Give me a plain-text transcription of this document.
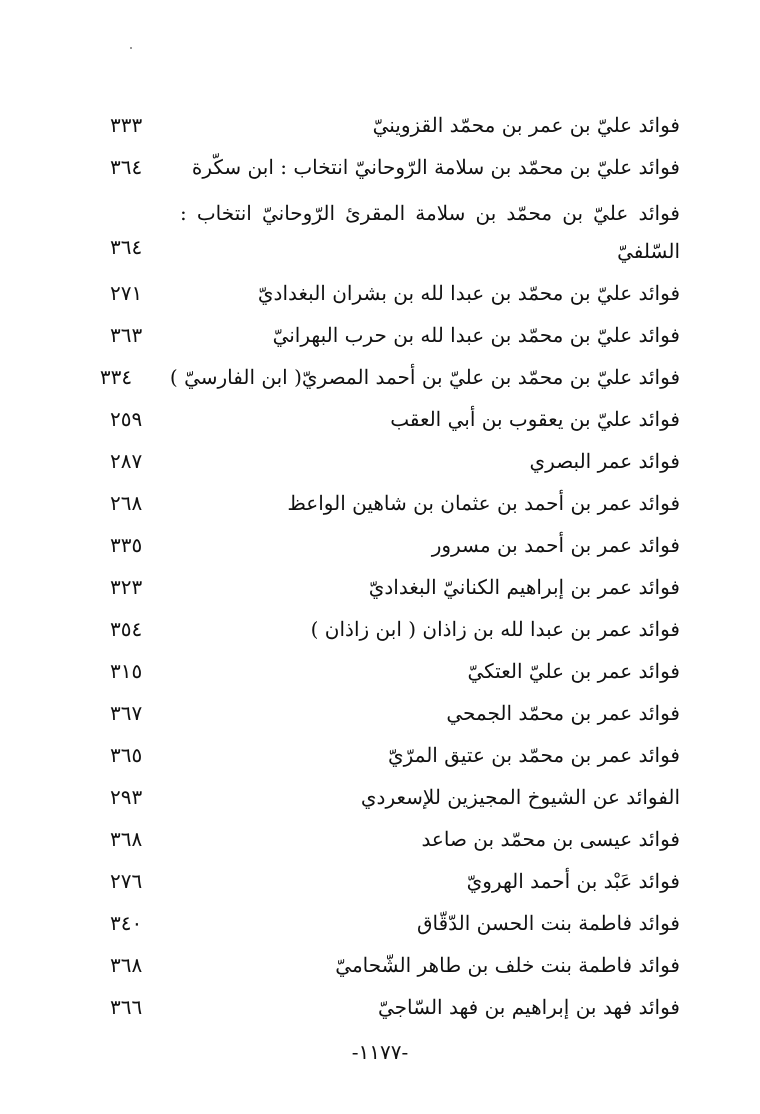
فوائد عليّ بن عمر بن محمّد القزوينيّ
٣٣٣
فوائد عليّ بن محمّد بن سلامة الرّوحانيّ انتخاب : ابن سكّرة
٣٦٤
فوائد عليّ بن محمّد بن سلامة المقرئ الرّوحانيّ انتخاب : السّلفيّ
٣٦٤
فوائد عليّ بن محمّد بن عبدا لله بن بشران البغداديّ
٢٧١
فوائد عليّ بن محمّد بن عبدا لله بن حرب البهرانيّ
٣٦٣
فوائد عليّ بن محمّد بن عليّ بن أحمد المصريّ( ابن الفارسيّ )
٣٣٤
فوائد عليّ بن يعقوب بن أبي العقب
٢٥٩
فوائد عمر البصري
٢٨٧
فوائد عمر بن أحمد بن عثمان بن شاهين الواعظ
٢٦٨
فوائد عمر بن أحمد بن مسرور
٣٣٥
فوائد عمر بن إبراهيم الكنانيّ البغداديّ
٣٢٣
فوائد عمر بن عبدا لله بن زاذان ( ابن زاذان )
٣٥٤
فوائد عمر بن عليّ العتكيّ
٣١٥
فوائد عمر بن محمّد الجمحي
٣٦٧
فوائد عمر بن محمّد بن عتيق المرّيّ
٣٦٥
الفوائد عن الشيوخ المجيزين للإسعردي
٢٩٣
فوائد عيسى بن محمّد بن صاعد
٣٦٨
فوائد عَبْد بن أحمد الهرويّ
٢٧٦
فوائد فاطمة بنت الحسن الدّقّاق
٣٤٠
فوائد فاطمة بنت خلف بن طاهر الشّحاميّ
٣٦٨
فوائد فهد بن إبراهيم بن فهد السّاجيّ
٣٦٦
-١١٧٧-
